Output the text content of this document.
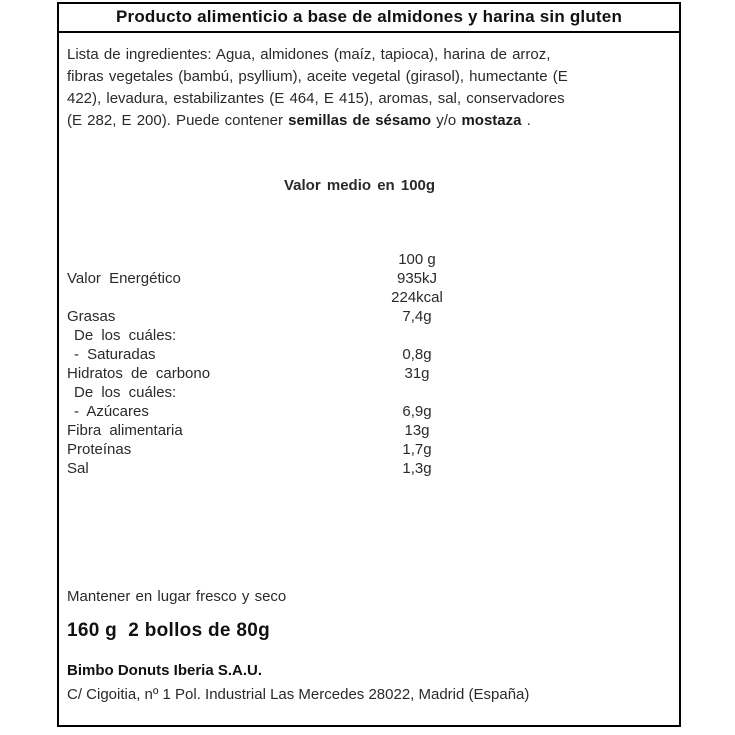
Producto alimenticio a base de almidones y harina sin gluten
Lista de ingredientes: Agua, almidones (maíz, tapioca), harina de arroz, fibras vegetales (bambú, psyllium), aceite vegetal (girasol), humectante (E 422), levadura, estabilizantes (E 464, E 415), aromas, sal, conservadores (E 282, E 200). Puede contener semillas de sésamo y/o mostaza .
Valor medio en 100g
100 g
Valor Energético	935kJ
224kcal
Grasas	7,4g
De los cuáles:
- Saturadas	0,8g
Hidratos de carbono	31g
De los cuáles:
- Azúcares	6,9g
Fibra alimentaria	13g
Proteínas	1,7g
Sal	1,3g
Mantener en lugar fresco y seco
160 g  2 bollos de 80g
Bimbo Donuts Iberia S.A.U.
C/ Cigoitia, nº 1 Pol. Industrial Las Mercedes 28022, Madrid (España)
